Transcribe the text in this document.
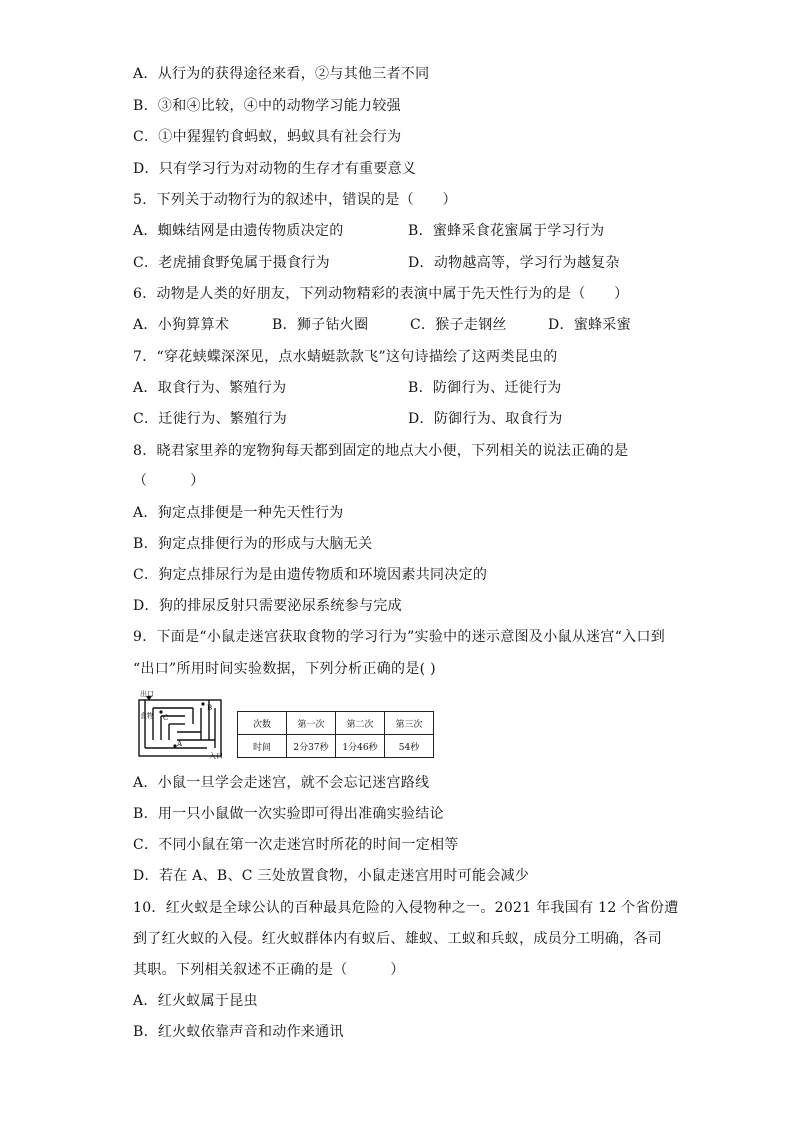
A．从行为的获得途径来看，②与其他三者不同
B．③和④比较，④中的动物学习能力较强
C．①中猩猩钓食蚂蚁，蚂蚁具有社会行为
D．只有学习行为对动物的生存才有重要意义
5．下列关于动物行为的叙述中，错误的是（　　）
A．蜘蛛结网是由遗传物质决定的	B．蜜蜂采食花蜜属于学习行为
C．老虎捕食野兔属于摄食行为	D．动物越高等，学习行为越复杂
6．动物是人类的好朋友，下列动物精彩的表演中属于先天性行为的是（　　）
A．小狗算算术	B．狮子钻火圈	C．猴子走钢丝	D．蜜蜂采蜜
7．“穿花蛱蝶深深见，点水蜻蜓款款飞”这句诗描绘了这两类昆虫的
A．取食行为、繁殖行为	B．防御行为、迁徙行为
C．迁徙行为、繁殖行为	D．防御行为、取食行为
8．晓君家里养的宠物狗每天都到固定的地点大小便，下列相关的说法正确的是
（　　　）
A．狗定点排便是一种先天性行为
B．狗定点排便行为的形成与大脑无关
C．狗定点排尿行为是由遗传物质和环境因素共同决定的
D．狗的排尿反射只需要泌尿系统参与完成
9．下面是“小鼠走迷宫获取食物的学习行为”实验中的迷示意图及小鼠从迷宫“入口到
“出口”所用时间实验数据，下列分析正确的是( )
出口
食物
入口
A
B
C
次数	第一次	第二次	第三次
时间	2分37秒	1分46秒	54秒
A．小鼠一旦学会走迷宫，就不会忘记迷宫路线
B．用一只小鼠做一次实验即可得出准确实验结论
C．不同小鼠在第一次走迷宫时所花的时间一定相等
D．若在 A、B、C 三处放置食物，小鼠走迷宫用时可能会减少
10．红火蚁是全球公认的百种最具危险的入侵物种之一。2021 年我国有 12 个省份遭
到了红火蚁的入侵。红火蚁群体内有蚁后、雄蚁、工蚁和兵蚁，成员分工明确，各司
其职。下列相关叙述不正确的是（　　　）
A．红火蚁属于昆虫
B．红火蚁依靠声音和动作来通讯
